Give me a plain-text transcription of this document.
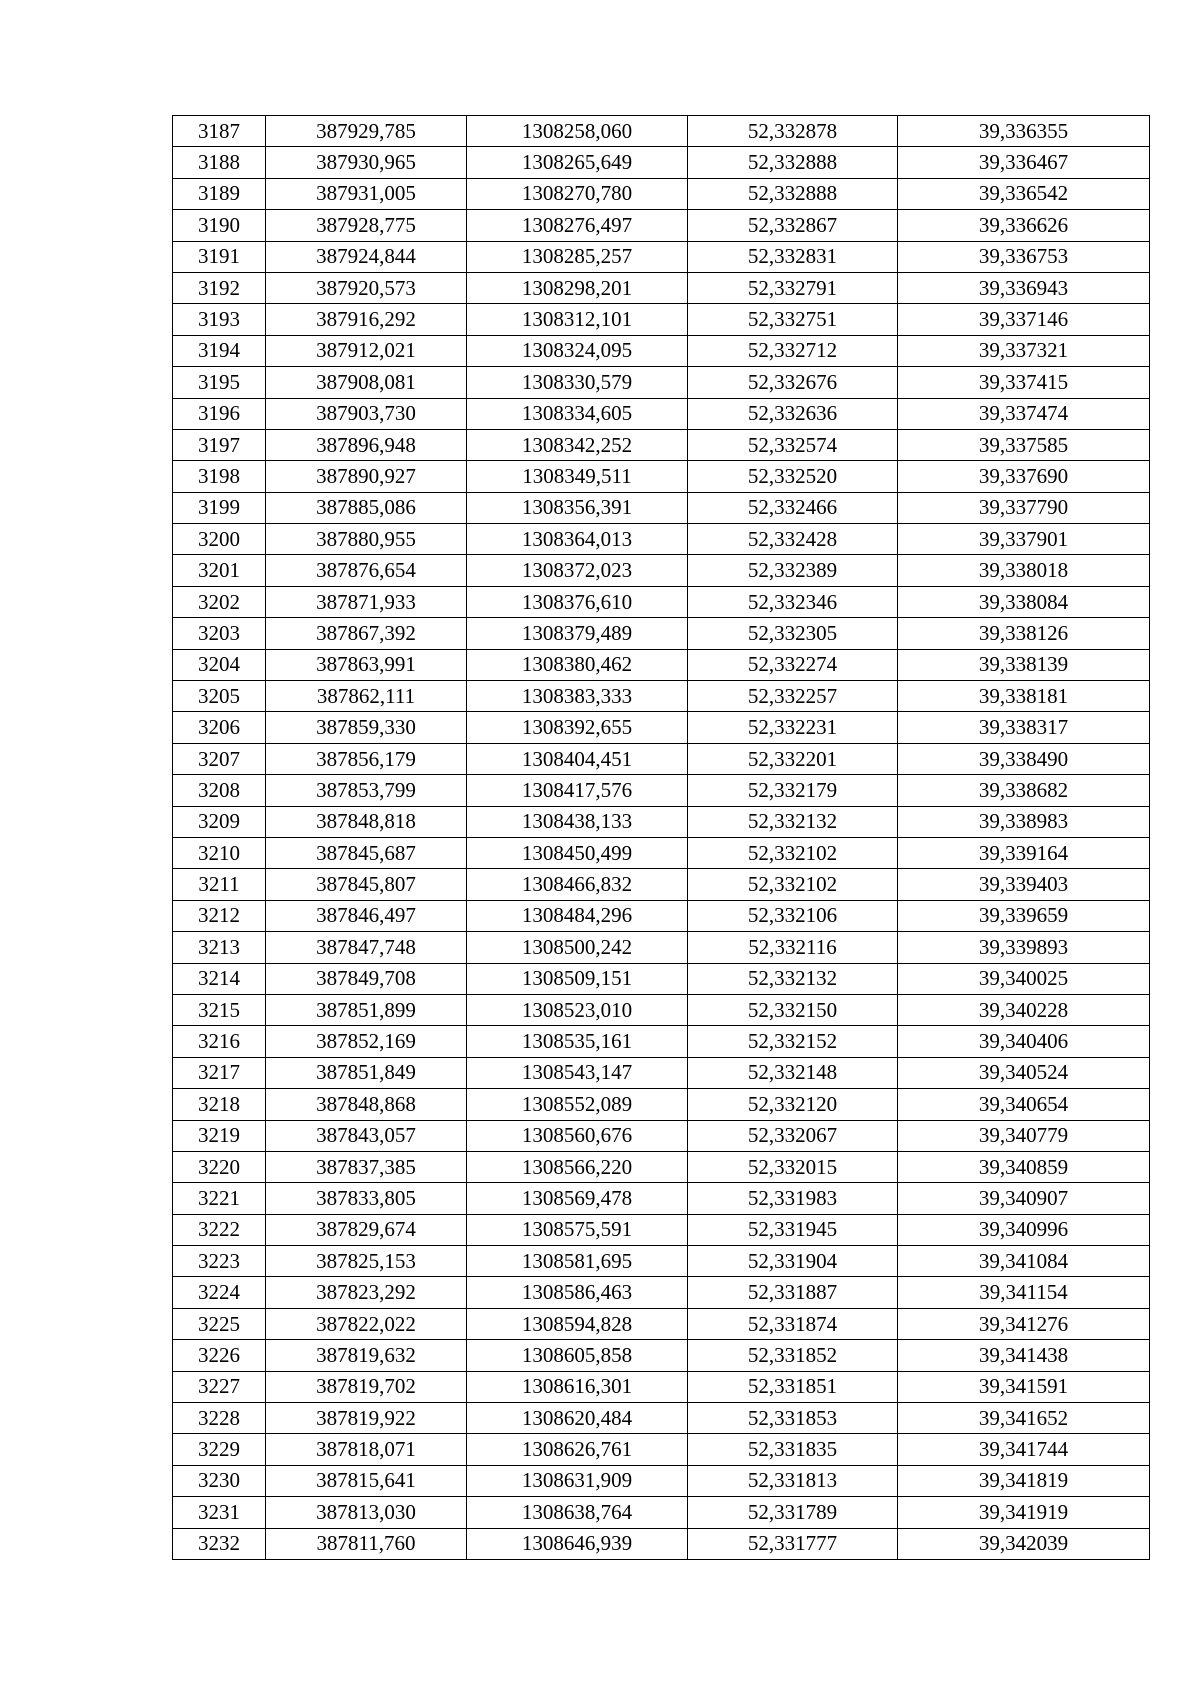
3187	387929,785	1308258,060	52,332878	39,336355
3188	387930,965	1308265,649	52,332888	39,336467
3189	387931,005	1308270,780	52,332888	39,336542
3190	387928,775	1308276,497	52,332867	39,336626
3191	387924,844	1308285,257	52,332831	39,336753
3192	387920,573	1308298,201	52,332791	39,336943
3193	387916,292	1308312,101	52,332751	39,337146
3194	387912,021	1308324,095	52,332712	39,337321
3195	387908,081	1308330,579	52,332676	39,337415
3196	387903,730	1308334,605	52,332636	39,337474
3197	387896,948	1308342,252	52,332574	39,337585
3198	387890,927	1308349,511	52,332520	39,337690
3199	387885,086	1308356,391	52,332466	39,337790
3200	387880,955	1308364,013	52,332428	39,337901
3201	387876,654	1308372,023	52,332389	39,338018
3202	387871,933	1308376,610	52,332346	39,338084
3203	387867,392	1308379,489	52,332305	39,338126
3204	387863,991	1308380,462	52,332274	39,338139
3205	387862,111	1308383,333	52,332257	39,338181
3206	387859,330	1308392,655	52,332231	39,338317
3207	387856,179	1308404,451	52,332201	39,338490
3208	387853,799	1308417,576	52,332179	39,338682
3209	387848,818	1308438,133	52,332132	39,338983
3210	387845,687	1308450,499	52,332102	39,339164
3211	387845,807	1308466,832	52,332102	39,339403
3212	387846,497	1308484,296	52,332106	39,339659
3213	387847,748	1308500,242	52,332116	39,339893
3214	387849,708	1308509,151	52,332132	39,340025
3215	387851,899	1308523,010	52,332150	39,340228
3216	387852,169	1308535,161	52,332152	39,340406
3217	387851,849	1308543,147	52,332148	39,340524
3218	387848,868	1308552,089	52,332120	39,340654
3219	387843,057	1308560,676	52,332067	39,340779
3220	387837,385	1308566,220	52,332015	39,340859
3221	387833,805	1308569,478	52,331983	39,340907
3222	387829,674	1308575,591	52,331945	39,340996
3223	387825,153	1308581,695	52,331904	39,341084
3224	387823,292	1308586,463	52,331887	39,341154
3225	387822,022	1308594,828	52,331874	39,341276
3226	387819,632	1308605,858	52,331852	39,341438
3227	387819,702	1308616,301	52,331851	39,341591
3228	387819,922	1308620,484	52,331853	39,341652
3229	387818,071	1308626,761	52,331835	39,341744
3230	387815,641	1308631,909	52,331813	39,341819
3231	387813,030	1308638,764	52,331789	39,341919
3232	387811,760	1308646,939	52,331777	39,342039
